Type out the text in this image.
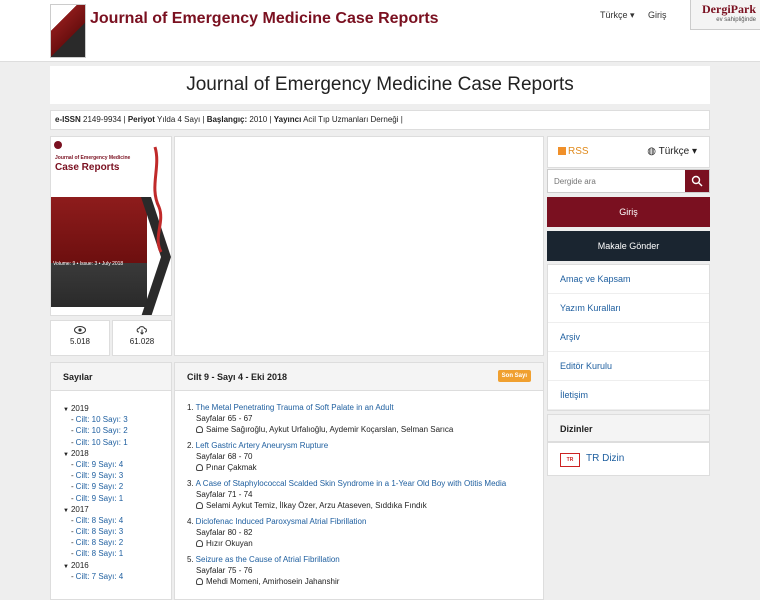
Journal of Emergency Medicine Case Reports	Türkçe ▾ Giriş	DergiPark
ev sahipliğinde
Journal of Emergency Medicine Case Reports
e-ISSN 2149-9934 | Periyot Yılda 4 Sayı | Başlangıç: 2010 | Yayıncı Acil Tıp Uzmanları Derneği |
Journal of Emergency Medicine
Case Reports
Volume: 9 • Issue: 3 • July 2018
5.018	61.028
RSS	◍ Türkçe ▾
Dergide ara
Giriş
Makale Gönder
Amaç ve Kapsam
Yazım Kuralları
Arşiv
Editör Kurulu
İletişim
Dizinler
TR	TR Dizin
Sayılar
▼ 2019
- Cilt: 10 Sayı: 3
- Cilt: 10 Sayı: 2
- Cilt: 10 Sayı: 1
▼ 2018
- Cilt: 9 Sayı: 4
- Cilt: 9 Sayı: 3
- Cilt: 9 Sayı: 2
- Cilt: 9 Sayı: 1
▼ 2017
- Cilt: 8 Sayı: 4
- Cilt: 8 Sayı: 3
- Cilt: 8 Sayı: 2
- Cilt: 8 Sayı: 1
▼ 2016
- Cilt: 7 Sayı: 4
Cilt 9 - Sayı 4 - Eki 2018	Son Sayı
1. The Metal Penetrating Trauma of Soft Palate in an Adult
Sayfalar 65 - 67
Saime Sağıroğlu, Aykut Urfalıoğlu, Aydemir Koçarslan, Selman Sarıca
2. Left Gastric Artery Aneurysm Rupture
Sayfalar 68 - 70
Pınar Çakmak
3. A Case of Staphylococcal Scalded Skin Syndrome in a 1-Year Old Boy with Otitis Media
Sayfalar 71 - 74
Selami Aykut Temiz, İlkay Özer, Arzu Ataseven, Sıddıka Fındık
4. Diclofenac Induced Paroxysmal Atrial Fibrillation
Sayfalar 80 - 82
Hızır Okuyan
5. Seizure as the Cause of Atrial Fibrillation
Sayfalar 75 - 76
Mehdi Momeni, Amirhosein Jahanshir
